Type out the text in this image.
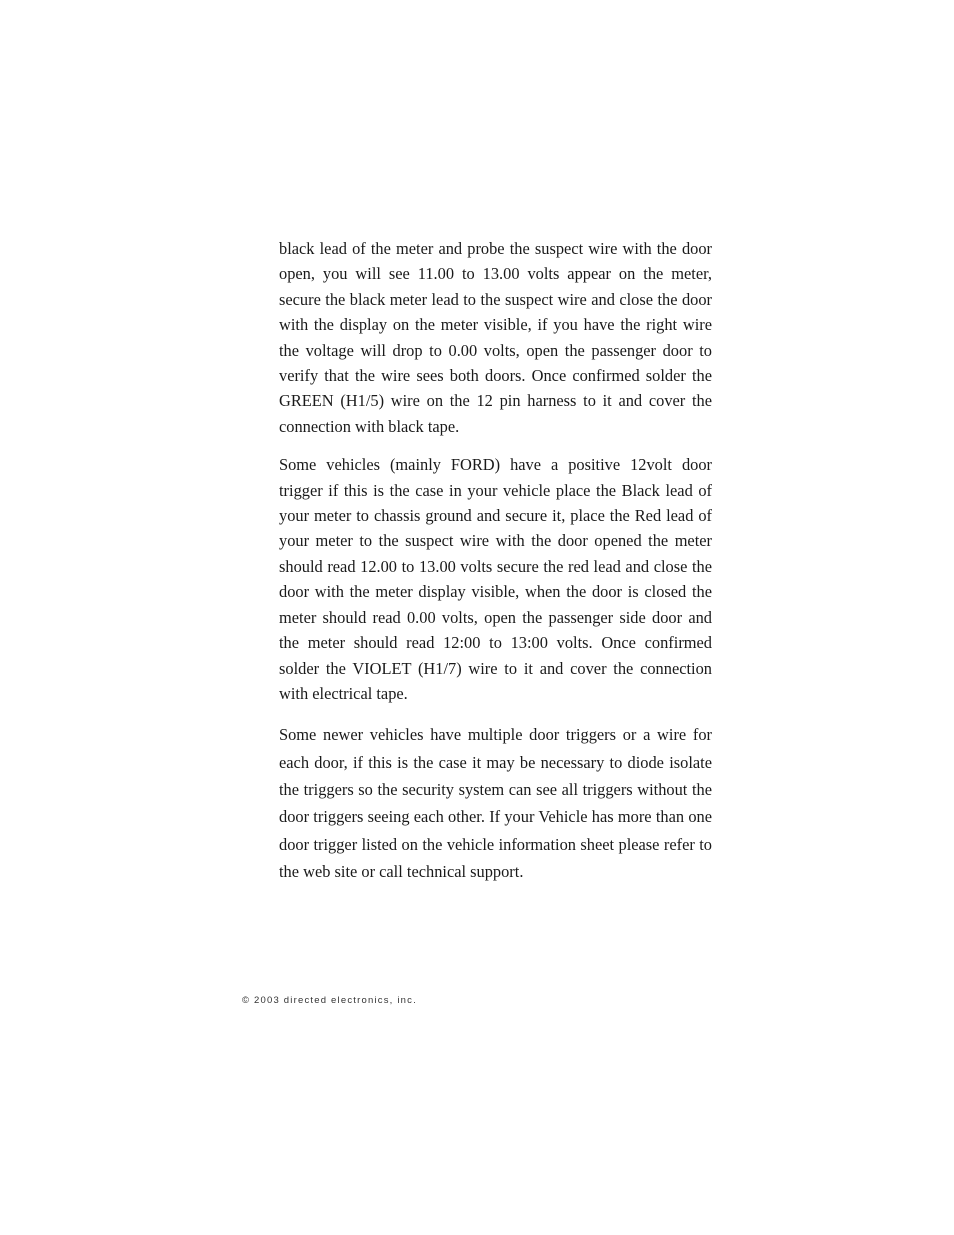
black lead of the meter and probe the suspect wire with the door open, you will see 11.00 to 13.00 volts appear on the meter, secure the black meter lead to the suspect wire and close the door with the display on the meter visible, if you have the right wire the voltage will drop to 0.00 volts, open the passenger door to verify that the wire sees both doors. Once confirmed solder the GREEN (H1/5) wire on the 12 pin harness to it and cover the connection with black tape.

Some vehicles (mainly FORD) have a positive 12volt door trigger if this is the case in your vehicle place the Black lead of your meter to chassis ground and secure it, place the Red lead of your meter to the suspect wire with the door opened the meter should read 12.00 to 13.00 volts secure the red lead and close the door with the meter display visible, when the door is closed the meter should read 0.00 volts, open the passenger side door and the meter should read 12:00 to 13:00 volts. Once confirmed solder the VIOLET (H1/7) wire to it and cover the connection with electrical tape.

Some newer vehicles have multiple door triggers or a wire for each door, if this is the case it may be necessary to diode isolate the triggers so the security system can see all triggers without the door triggers seeing each other. If your Vehicle has more than one door trigger listed on the vehicle information sheet please refer to the web site or call technical support.

© 2003 directed electronics, inc.
